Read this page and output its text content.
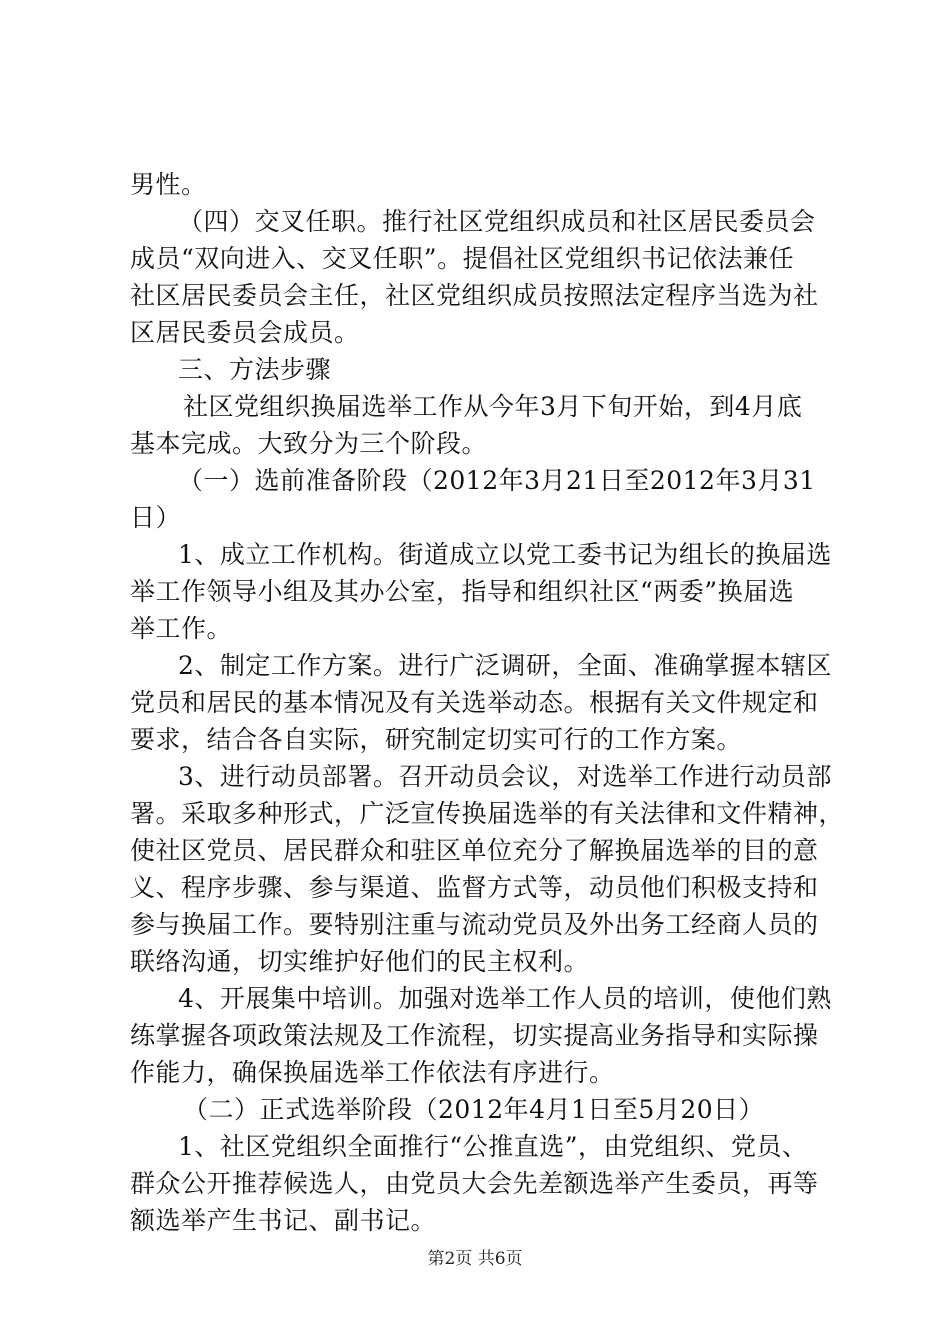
男性。
（四）交叉任职。推行社区党组织成员和社区居民委员会
成员“双向进入、交叉任职”。提倡社区党组织书记依法兼任
社区居民委员会主任，社区党组织成员按照法定程序当选为社
区居民委员会成员。
三、方法步骤
社区党组织换届选举工作从今年3月下旬开始，到4月底
基本完成。大致分为三个阶段。
（一）选前准备阶段（2012年3月21日至2012年3月31
日）
1、成立工作机构。街道成立以党工委书记为组长的换届选
举工作领导小组及其办公室，指导和组织社区“两委”换届选
举工作。
2、制定工作方案。进行广泛调研，全面、准确掌握本辖区
党员和居民的基本情况及有关选举动态。根据有关文件规定和
要求，结合各自实际，研究制定切实可行的工作方案。
3、进行动员部署。召开动员会议，对选举工作进行动员部
署。采取多种形式，广泛宣传换届选举的有关法律和文件精神，
使社区党员、居民群众和驻区单位充分了解换届选举的目的意
义、程序步骤、参与渠道、监督方式等，动员他们积极支持和
参与换届工作。要特别注重与流动党员及外出务工经商人员的
联络沟通，切实维护好他们的民主权利。
4、开展集中培训。加强对选举工作人员的培训，使他们熟
练掌握各项政策法规及工作流程，切实提高业务指导和实际操
作能力，确保换届选举工作依法有序进行。
（二）正式选举阶段（2012年4月1日至5月20日）
1、社区党组织全面推行“公推直选”，由党组织、党员、
群众公开推荐候选人，由党员大会先差额选举产生委员，再等
额选举产生书记、副书记。
第2页 共6页
